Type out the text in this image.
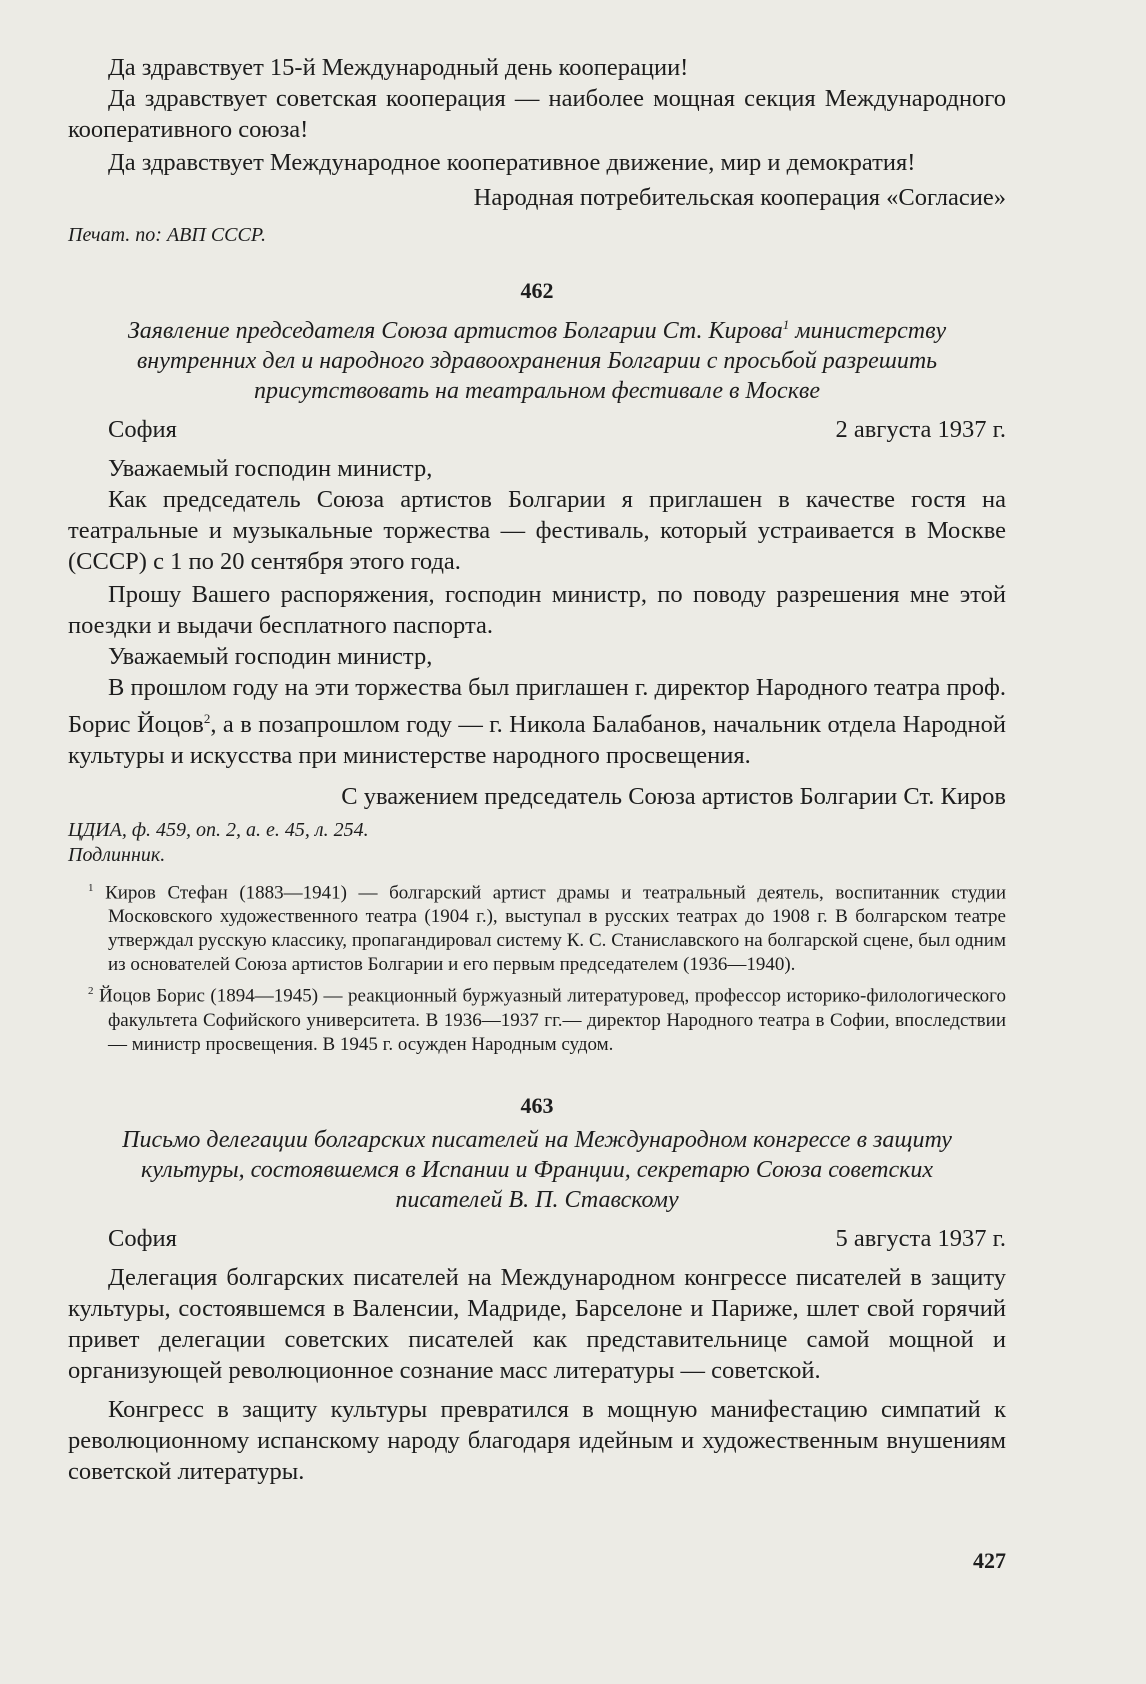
Да здравствует 15-й Международный день кооперации!

Да здравствует советская кооперация — наиболее мощная секция Международного кооперативного союза!

Да здравствует Международное кооперативное движение, мир и демократия!

Народная потребительская кооперация «Согласие»

Печат. по: АВП СССР.

462

Заявление председателя Союза артистов Болгарии Ст. Кирова$^1$ министерству внутренних дел и народного здравоохранения Болгарии с просьбой разрешить присутствовать на театральном фестивале в Москве

София	2 августа 1937 г.

Уважаемый господин министр,

Как председатель Союза артистов Болгарии я приглашен в качестве гостя на театральные и музыкальные торжества — фестиваль, который устраивается в Москве (СССР) с 1 по 20 сентября этого года.

Прошу Вашего распоряжения, господин министр, по поводу разрешения мне этой поездки и выдачи бесплатного паспорта.

Уважаемый господин министр,

В прошлом году на эти торжества был приглашен г. директор Народного театра проф. Борис Йоцов$^2$, а в позапрошлом году — г. Никола Балабанов, начальник отдела Народной культуры и искусства при министерстве народного просвещения.

С уважением председатель Союза артистов Болгарии Ст. Киров

ЦДИА, ф. 459, оп. 2, а. е. 45, л. 254.

Подлинник.

$^1$ Киров Стефан (1883—1941) — болгарский артист драмы и театральный деятель, воспитанник студии Московского художественного театра (1904 г.), выступал в русских театрах до 1908 г. В болгарском театре утверждал русскую классику, пропагандировал систему К. С. Станиславского на болгарской сцене, был одним из основателей Союза артистов Болгарии и его первым председателем (1936—1940).

$^2$ Йоцов Борис (1894—1945) — реакционный буржуазный литературовед, профессор историко-филологического факультета Софийского университета. В 1936—1937 гг.— директор Народного театра в Софии, впоследствии — министр просвещения. В 1945 г. осужден Народным судом.

463

Письмо делегации болгарских писателей на Международном конгрессе в защиту культуры, состоявшемся в Испании и Франции, секретарю Союза советских писателей В. П. Ставскому

София	5 августа 1937 г.

Делегация болгарских писателей на Международном конгрессе писателей в защиту культуры, состоявшемся в Валенсии, Мадриде, Барселоне и Париже, шлет свой горячий привет делегации советских писателей как представительнице самой мощной и организующей революционное сознание масс литературы — советской.

Конгресс в защиту культуры превратился в мощную манифестацию симпатий к революционному испанскому народу благодаря идейным и художественным внушениям советской литературы.

427
